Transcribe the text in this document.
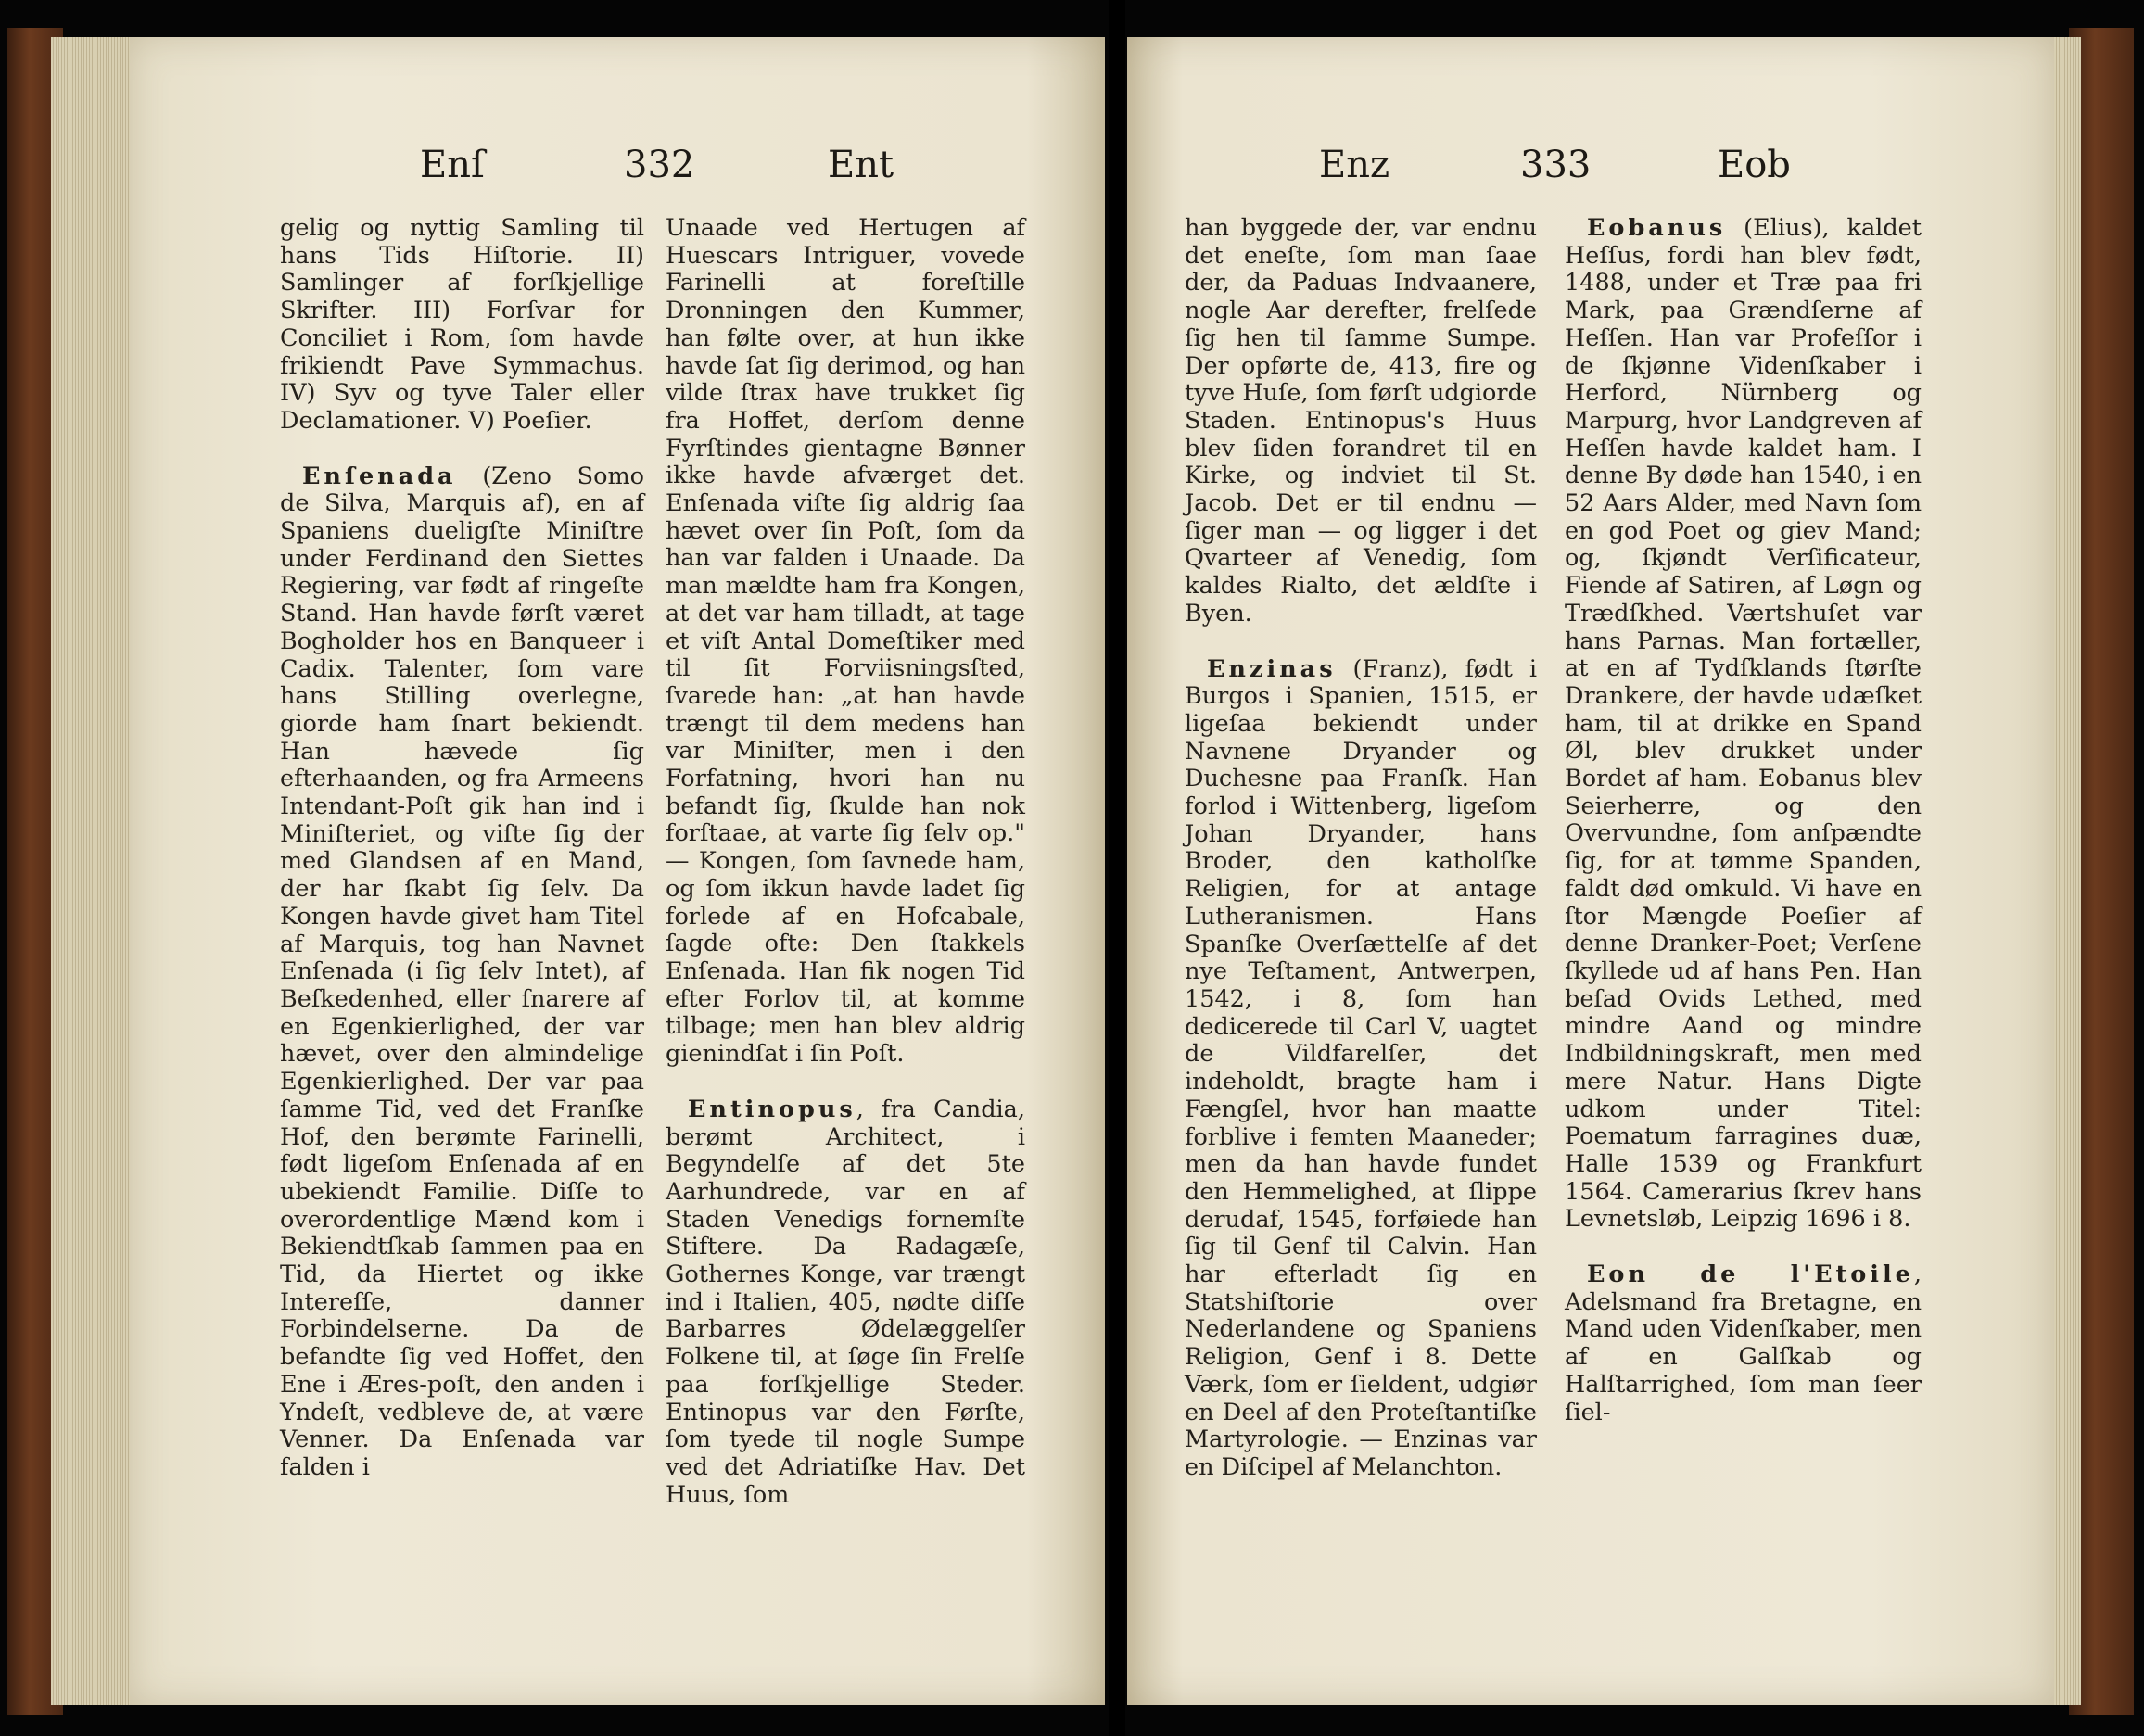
Enſ	332	Ent

gelig og nyttig Samling til hans Tids Hiſtorie. II) Samlinger af forſkjellige Skrifter. III) Forſvar for Conciliet i Rom, ſom havde frikiendt Pave Symmachus. IV) Syv og tyve Taler eller Declamationer. V) Poeſier.

Enſenada (Zeno Somo de Silva, Marquis af), en af Spaniens dueligſte Miniſtre under Ferdinand den Siettes Regiering, var født af ringeſte Stand. Han havde førſt været Bogholder hos en Banqueer i Cadix. Talenter, ſom vare hans Stilling overlegne, giorde ham ſnart bekiendt. Han hævede ſig efterhaanden, og fra Armeens Intendant-Poſt gik han ind i Miniſteriet, og viſte ſig der med Glandsen af en Mand, der har ſkabt ſig ſelv. Da Kongen havde givet ham Titel af Marquis, tog han Navnet Enſenada (i ſig ſelv Intet), af Beſkedenhed, eller ſnarere af en Egenkierlighed, der var hævet, over den almindelige Egenkierlighed. Der var paa ſamme Tid, ved det Franſke Hof, den berømte Farinelli, født ligeſom Enſenada af en ubekiendt Familie. Diſſe to overordentlige Mænd kom i Bekiendtſkab ſammen paa en Tid, da Hiertet og ikke Intereſſe, danner Forbindelserne. Da de befandte ſig ved Hoffet, den Ene i Æres-poſt, den anden i Yndeſt, vedbleve de, at være Venner. Da Enſenada var falden i

Unaade ved Hertugen af Huescars Intriguer, vovede Farinelli at foreſtille Dronningen den Kummer, han følte over, at hun ikke havde ſat ſig derimod, og han vilde ſtrax have trukket ſig fra Hoffet, derſom denne Fyrſtindes gientagne Bønner ikke havde afværget det. Enſenada viſte ſig aldrig ſaa hævet over ſin Poſt, ſom da han var falden i Unaade. Da man mældte ham fra Kongen, at det var ham tilladt, at tage et viſt Antal Domeſtiker med til ſit Forviisningsſted, ſvarede han: „at han havde trængt til dem medens han var Miniſter, men i den Forfatning, hvori han nu befandt ſig, ſkulde han nok forſtaae, at varte ſig ſelv op." — Kongen, ſom ſavnede ham, og ſom ikkun havde ladet ſig forlede af en Hofcabale, ſagde ofte: Den ſtakkels Enſenada. Han fik nogen Tid efter Forlov til, at komme tilbage; men han blev aldrig gienindſat i ſin Poſt.

Entinopus, fra Candia, berømt Architect, i Begyndelſe af det 5te Aarhundrede, var en af Staden Venedigs fornemſte Stiftere. Da Radagæſe, Gothernes Konge, var trængt ind i Italien, 405, nødte diſſe Barbarres Ødelæggelſer Folkene til, at ſøge ſin Frelſe paa forſkjellige Steder. Entinopus var den Førſte, ſom tyede til nogle Sumpe ved det Adriatiſke Hav. Det Huus, ſom

Enz	333	Eob

han byggede der, var endnu det eneſte, ſom man ſaae der, da Paduas Indvaanere, nogle Aar derefter, frelſede ſig hen til ſamme Sumpe. Der opførte de, 413, fire og tyve Huſe, ſom førſt udgiorde Staden. Entinopus's Huus blev ſiden forandret til en Kirke, og indviet til St. Jacob. Det er til endnu — ſiger man — og ligger i det Qvarteer af Venedig, ſom kaldes Rialto, det ældſte i Byen.

Enzinas (Franz), født i Burgos i Spanien, 1515, er ligeſaa bekiendt under Navnene Dryander og Duchesne paa Franſk. Han forlod i Wittenberg, ligeſom Johan Dryander, hans Broder, den katholſke Religien, for at antage Lutheranismen. Hans Spanſke Overſættelſe af det nye Teſtament, Antwerpen, 1542, i 8, ſom han dedicerede til Carl V, uagtet de Vildfarelſer, det indeholdt, bragte ham i Fængſel, hvor han maatte forblive i femten Maaneder; men da han havde fundet den Hemmelighed, at ſlippe derudaf, 1545, forføiede han ſig til Genf til Calvin. Han har efterladt ſig en Statshiſtorie over Nederlandene og Spaniens Religion, Genf i 8. Dette Værk, ſom er ſieldent, udgiør en Deel af den Proteſtantiſke Martyrologie. — Enzinas var en Diſcipel af Melanchton.

Eobanus (Elius), kaldet Heſſus, fordi han blev født, 1488, under et Træ paa fri Mark, paa Grændſerne af Heſſen. Han var Profeſſor i de ſkjønne Videnſkaber i Herford, Nürnberg og Marpurg, hvor Landgreven af Heſſen havde kaldet ham. I denne By døde han 1540, i en 52 Aars Alder, med Navn ſom en god Poet og giev Mand; og, ſkjøndt Verſificateur, Fiende af Satiren, af Løgn og Trædſkhed. Værtshuſet var hans Parnas. Man fortæller, at en af Tydſklands ſtørſte Drankere, der havde udæſket ham, til at drikke en Spand Øl, blev drukket under Bordet af ham. Eobanus blev Seierherre, og den Overvundne, ſom anſpændte ſig, for at tømme Spanden, faldt død omkuld. Vi have en ſtor Mængde Poeſier af denne Dranker-Poet; Verſene ſkyllede ud af hans Pen. Han beſad Ovids Lethed, med mindre Aand og mindre Indbildningskraft, men med mere Natur. Hans Digte udkom under Titel: Poematum farragines duæ, Halle 1539 og Frankfurt 1564. Camerarius ſkrev hans Levnetsløb, Leipzig 1696 i 8.

Eon de l'Etoile, Adelsmand fra Bretagne, en Mand uden Videnſkaber, men af en Galſkab og Halſtarrighed, ſom man ſeer ſiel-
